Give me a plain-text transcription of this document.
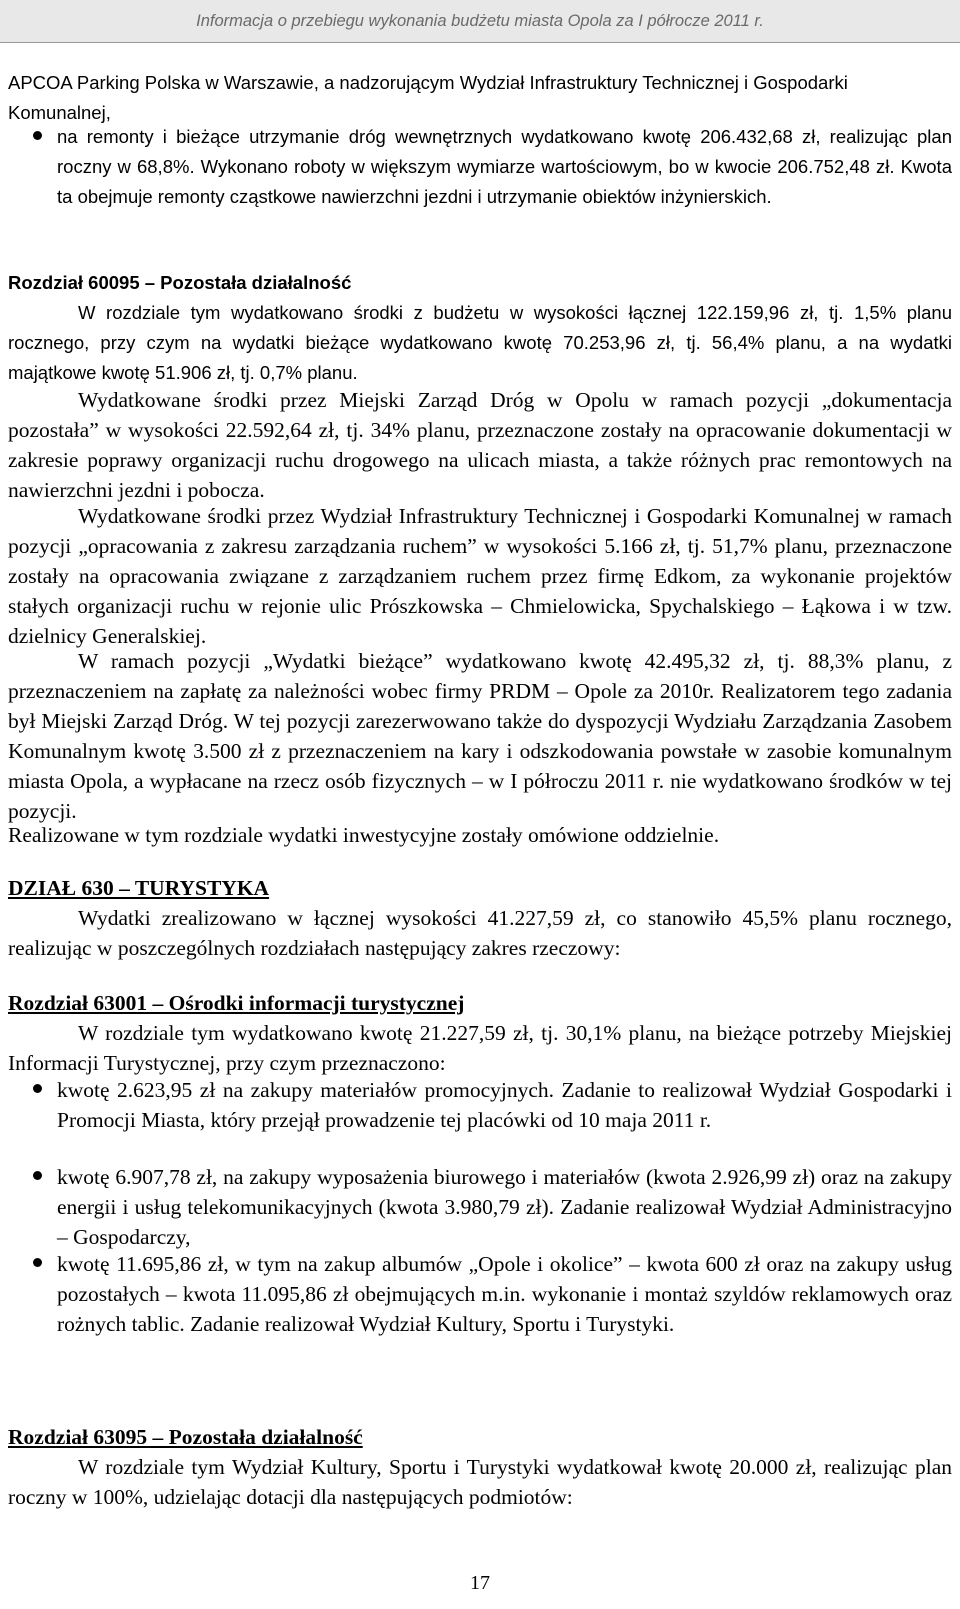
Informacja o przebiegu wykonania budżetu miasta Opola za I półrocze 2011 r.

APCOA Parking Polska w Warszawie, a nadzorującym Wydział Infrastruktury Technicznej i Gospodarki Komunalnej,

na remonty i bieżące utrzymanie dróg wewnętrznych wydatkowano kwotę 206.432,68 zł, realizując plan roczny w 68,8%. Wykonano roboty w większym wymiarze wartościowym, bo w kwocie 206.752,48 zł. Kwota ta obejmuje remonty cząstkowe nawierzchni jezdni i utrzymanie obiektów inżynierskich.

Rozdział 60095 – Pozostała działalność

W rozdziale tym wydatkowano środki z budżetu w wysokości łącznej 122.159,96 zł, tj. 1,5% planu rocznego, przy czym na wydatki bieżące wydatkowano kwotę 70.253,96 zł, tj. 56,4% planu, a na wydatki majątkowe kwotę 51.906 zł, tj. 0,7% planu.

Wydatkowane środki przez Miejski Zarząd Dróg w Opolu w ramach pozycji „dokumentacja pozostała” w wysokości 22.592,64 zł, tj. 34% planu, przeznaczone zostały na opracowanie dokumentacji w zakresie poprawy organizacji ruchu drogowego na ulicach miasta, a także różnych prac remontowych na nawierzchni jezdni i pobocza.

Wydatkowane środki przez Wydział Infrastruktury Technicznej i Gospodarki Komunalnej w ramach pozycji „opracowania z zakresu zarządzania ruchem” w wysokości 5.166 zł, tj. 51,7% planu, przeznaczone zostały na opracowania związane z zarządzaniem ruchem przez firmę Edkom, za wykonanie projektów stałych organizacji ruchu w rejonie ulic Prószkowska – Chmielowicka, Spychalskiego – Łąkowa i w tzw. dzielnicy Generalskiej.

W ramach pozycji „Wydatki bieżące” wydatkowano kwotę 42.495,32 zł, tj. 88,3% planu, z przeznaczeniem na zapłatę za należności wobec firmy PRDM – Opole za 2010r. Realizatorem tego zadania był Miejski Zarząd Dróg. W tej pozycji zarezerwowano także do dyspozycji Wydziału Zarządzania Zasobem Komunalnym kwotę 3.500 zł z przeznaczeniem na kary i odszkodowania powstałe w zasobie komunalnym miasta Opola, a wypłacane na rzecz osób fizycznych – w I półroczu 2011 r. nie wydatkowano środków w tej pozycji.

Realizowane w tym rozdziale wydatki inwestycyjne zostały omówione oddzielnie.

DZIAŁ 630 – TURYSTYKA

Wydatki zrealizowano w łącznej wysokości 41.227,59 zł, co stanowiło 45,5% planu rocznego, realizując w poszczególnych rozdziałach następujący zakres rzeczowy:

Rozdział 63001 – Ośrodki informacji turystycznej

W rozdziale tym wydatkowano kwotę 21.227,59 zł, tj. 30,1% planu, na bieżące potrzeby Miejskiej Informacji Turystycznej, przy czym przeznaczono:

kwotę 2.623,95 zł na zakupy materiałów promocyjnych. Zadanie to realizował Wydział Gospodarki i Promocji Miasta, który przejął prowadzenie tej placówki od 10 maja 2011 r.

kwotę 6.907,78 zł, na zakupy wyposażenia biurowego i materiałów (kwota 2.926,99 zł) oraz na zakupy energii i usług telekomunikacyjnych (kwota 3.980,79 zł). Zadanie realizował Wydział Administracyjno – Gospodarczy,

kwotę 11.695,86 zł, w tym na zakup albumów „Opole i okolice” – kwota 600 zł oraz na zakupy usług pozostałych – kwota 11.095,86 zł obejmujących m.in. wykonanie i montaż szyldów reklamowych oraz rożnych tablic. Zadanie realizował Wydział Kultury, Sportu i Turystyki.

Rozdział 63095 – Pozostała działalność

W rozdziale tym Wydział Kultury, Sportu i Turystyki wydatkował kwotę 20.000 zł, realizując plan roczny w 100%, udzielając dotacji dla następujących podmiotów:

17
